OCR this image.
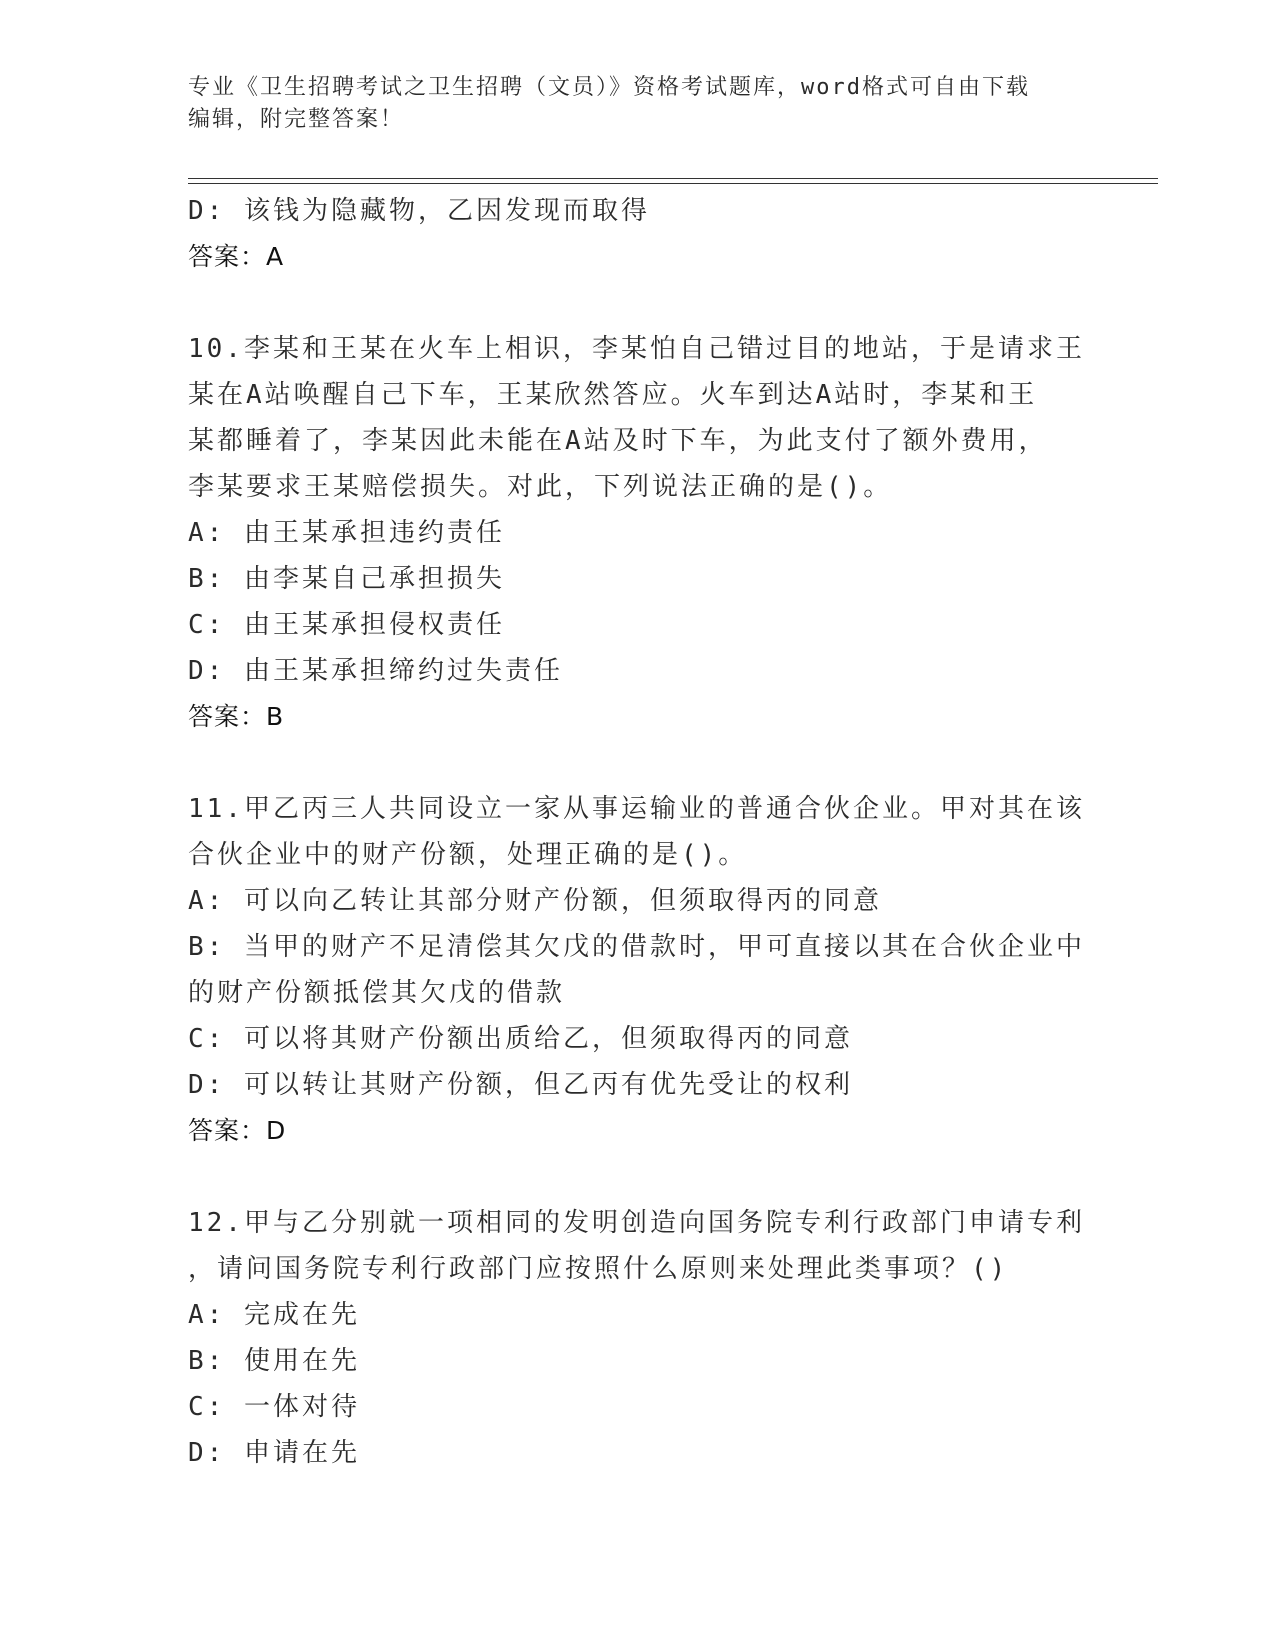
专业《卫生招聘考试之卫生招聘（文员）》资格考试题库，word格式可自由下载
编辑，附完整答案！
D: 该钱为隐藏物，乙因发现而取得
答案：A
10.李某和王某在火车上相识，李某怕自己错过目的地站，于是请求王
某在A站唤醒自己下车，王某欣然答应。火车到达A站时，李某和王
某都睡着了，李某因此未能在A站及时下车，为此支付了额外费用，
李某要求王某赔偿损失。对此，下列说法正确的是()。
A: 由王某承担违约责任
B: 由李某自己承担损失
C: 由王某承担侵权责任
D: 由王某承担缔约过失责任
答案：B
11.甲乙丙三人共同设立一家从事运输业的普通合伙企业。甲对其在该
合伙企业中的财产份额，处理正确的是()。
A: 可以向乙转让其部分财产份额，但须取得丙的同意
B: 当甲的财产不足清偿其欠戊的借款时，甲可直接以其在合伙企业中
的财产份额抵偿其欠戊的借款
C: 可以将其财产份额出质给乙，但须取得丙的同意
D: 可以转让其财产份额，但乙丙有优先受让的权利
答案：D
12.甲与乙分别就一项相同的发明创造向国务院专利行政部门申请专利
，请问国务院专利行政部门应按照什么原则来处理此类事项？()
A: 完成在先
B: 使用在先
C: 一体对待
D: 申请在先
